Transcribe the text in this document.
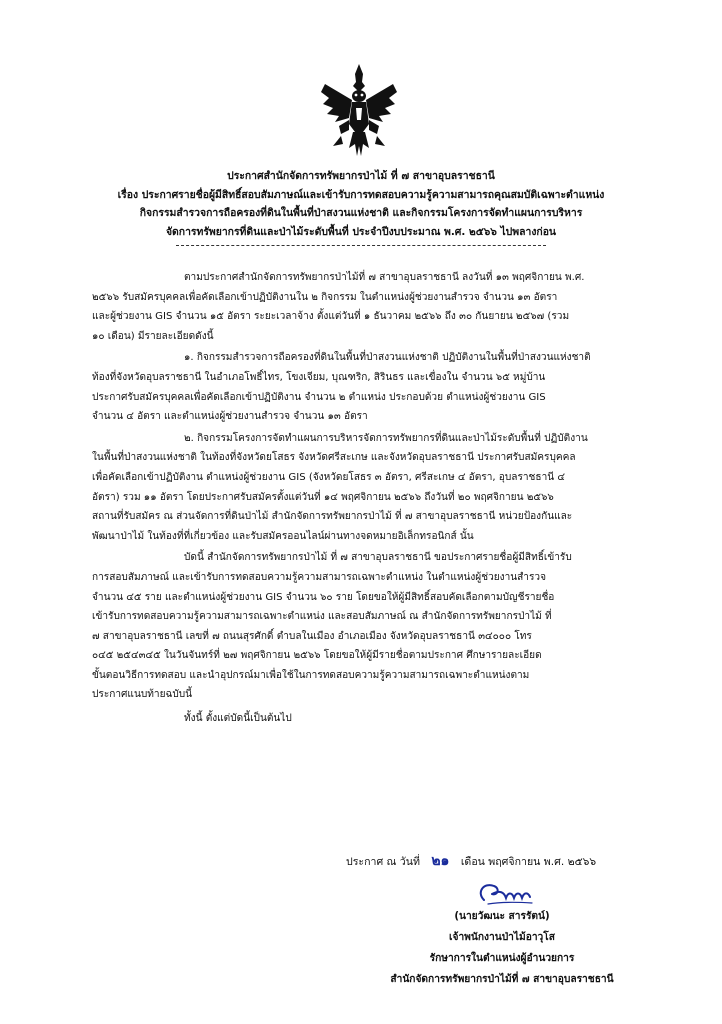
ประกาศสำนักจัดการทรัพยากรป่าไม้ ที่ ๗ สาขาอุบลราชธานี
เรื่อง ประกาศรายชื่อผู้มีสิทธิ์สอบสัมภาษณ์และเข้ารับการทดสอบความรู้ความสามารถคุณสมบัติเฉพาะตำแหน่ง
กิจกรรมสำรวจการถือครองที่ดินในพื้นที่ป่าสงวนแห่งชาติ และกิจกรรมโครงการจัดทำแผนการบริหาร
จัดการทรัพยากรที่ดินและป่าไม้ระดับพื้นที่ ประจำปีงบประมาณ พ.ศ. ๒๕๖๖ ไปพลางก่อน
ตามประกาศสำนักจัดการทรัพยากรป่าไม้ที่ ๗ สาขาอุบลราชธานี ลงวันที่ ๑๓ พฤศจิกายน พ.ศ.
๒๕๖๖ รับสมัครบุคคลเพื่อคัดเลือกเข้าปฏิบัติงานใน ๒ กิจกรรม ในตำแหน่งผู้ช่วยงานสำรวจ จำนวน ๑๓ อัตรา
และผู้ช่วยงาน GIS จำนวน ๑๕ อัตรา ระยะเวลาจ้าง ตั้งแต่วันที่ ๑ ธันวาคม ๒๕๖๖ ถึง ๓๐ กันยายน ๒๕๖๗ (รวม
๑๐ เดือน) มีรายละเอียดดังนี้
๑. กิจกรรมสำรวจการถือครองที่ดินในพื้นที่ป่าสงวนแห่งชาติ ปฏิบัติงานในพื้นที่ป่าสงวนแห่งชาติ
ท้องที่จังหวัดอุบลราชธานี ในอำเภอโพธิ์ไทร, โขงเจียม, บุณฑริก, สิรินธร และเขื่องใน จำนวน ๖๕ หมู่บ้าน
ประกาศรับสมัครบุคคลเพื่อคัดเลือกเข้าปฏิบัติงาน จำนวน ๒ ตำแหน่ง ประกอบด้วย ตำแหน่งผู้ช่วยงาน GIS
จำนวน ๔ อัตรา และตำแหน่งผู้ช่วยงานสำรวจ จำนวน ๑๓ อัตรา
๒. กิจกรรมโครงการจัดทำแผนการบริหารจัดการทรัพยากรที่ดินและป่าไม้ระดับพื้นที่ ปฏิบัติงาน
ในพื้นที่ป่าสงวนแห่งชาติ ในท้องที่จังหวัดยโสธร จังหวัดศรีสะเกษ และจังหวัดอุบลราชธานี ประกาศรับสมัครบุคคล
เพื่อคัดเลือกเข้าปฏิบัติงาน ตำแหน่งผู้ช่วยงาน GIS (จังหวัดยโสธร ๓ อัตรา, ศรีสะเกษ ๔ อัตรา, อุบลราชธานี ๔
อัตรา) รวม ๑๑ อัตรา โดยประกาศรับสมัครตั้งแต่วันที่ ๑๔ พฤศจิกายน ๒๕๖๖ ถึงวันที่ ๒๐ พฤศจิกายน ๒๕๖๖
สถานที่รับสมัคร ณ ส่วนจัดการที่ดินป่าไม้ สำนักจัดการทรัพยากรป่าไม้ ที่ ๗ สาขาอุบลราชธานี หน่วยป้องกันและ
พัฒนาป่าไม้ ในท้องที่ที่เกี่ยวข้อง และรับสมัครออนไลน์ผ่านทางจดหมายอิเล็กทรอนิกส์ นั้น
บัดนี้ สำนักจัดการทรัพยากรป่าไม้ ที่ ๗ สาขาอุบลราชธานี ขอประกาศรายชื่อผู้มีสิทธิ์เข้ารับ
การสอบสัมภาษณ์ และเข้ารับการทดสอบความรู้ความสามารถเฉพาะตำแหน่ง ในตำแหน่งผู้ช่วยงานสำรวจ
จำนวน ๔๕ ราย และตำแหน่งผู้ช่วยงาน GIS จำนวน ๖๐ ราย โดยขอให้ผู้มีสิทธิ์สอบคัดเลือกตามบัญชีรายชื่อ
เข้ารับการทดสอบความรู้ความสามารถเฉพาะตำแหน่ง และสอบสัมภาษณ์ ณ สำนักจัดการทรัพยากรป่าไม้ ที่
๗ สาขาอุบลราชธานี เลขที่ ๗ ถนนสุรศักดิ์ ตำบลในเมือง อำเภอเมือง จังหวัดอุบลราชธานี ๓๔๐๐๐ โทร
๐๔๕ ๒๕๔๓๔๕ ในวันจันทร์ที่ ๒๗ พฤศจิกายน ๒๕๖๖ โดยขอให้ผู้มีรายชื่อตามประกาศ ศึกษารายละเอียด
ขั้นตอนวิธีการทดสอบ และนำอุปกรณ์มาเพื่อใช้ในการทดสอบความรู้ความสามารถเฉพาะตำแหน่งตาม
ประกาศแนบท้ายฉบับนี้
ทั้งนี้ ตั้งแต่บัดนี้เป็นต้นไป
ประกาศ ณ วันที่ ๒๑ เดือน พฤศจิกายน พ.ศ. ๒๕๖๖
(นายวัฒนะ สารรัตน์)
เจ้าพนักงานป่าไม้อาวุโส
รักษาการในตำแหน่งผู้อำนวยการ
สำนักจัดการทรัพยากรป่าไม้ที่ ๗ สาขาอุบลราชธานี
